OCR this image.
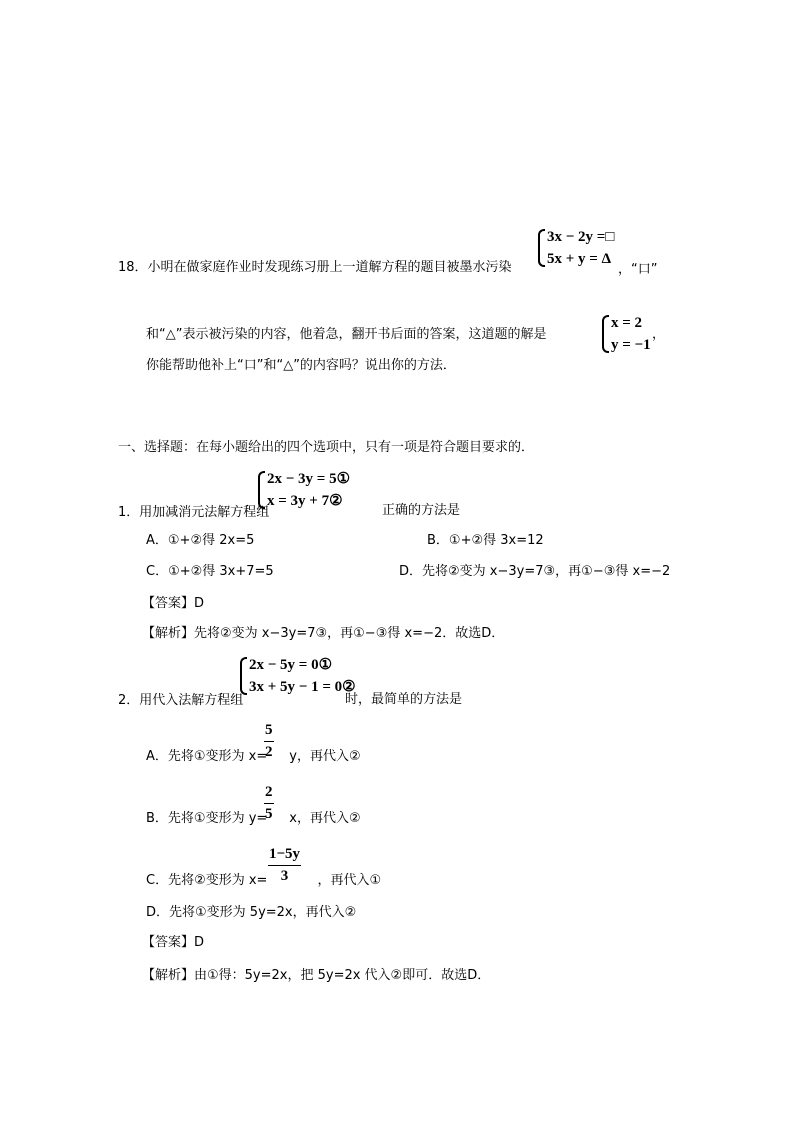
3x − 2y =□
5x + y = Δ
18．小明在做家庭作业时发现练习册上一道解方程的题目被墨水污染	，“口”
x = 2
y = −1
和“△”表示被污染的内容，他着急，翻开书后面的答案，这道题的解是	，
你能帮助他补上“口”和“△”的内容吗？说出你的方法．
一、选择题：在每小题给出的四个选项中，只有一项是符合题目要求的．
2x − 3y = 5①
x = 3y + 7②
1．用加减消元法解方程组	正确的方法是
A．①+②得 2x=5	B．①+②得 3x=12
C．①+②得 3x+7=5	D．先将②变为 x−3y=7③，再①−③得 x=−2
【答案】D
【解析】先将②变为 x−3y=7③，再①−③得 x=−2．故选D．
2x − 5y = 0①
3x + 5y − 1 = 0②
2．用代入法解方程组	时，最简单的方法是
A．先将①变形为 x= y，再代入②
$\frac{5}{2}$
B．先将①变形为 y= x，再代入②
$\frac{2}{5}$
C．先将②变形为 x=	，再代入①
$\frac{1-5y}{3}$
D．先将①变形为 5y=2x，再代入②
【答案】D
【解析】由①得：5y=2x，把 5y=2x 代入②即可．故选D．
